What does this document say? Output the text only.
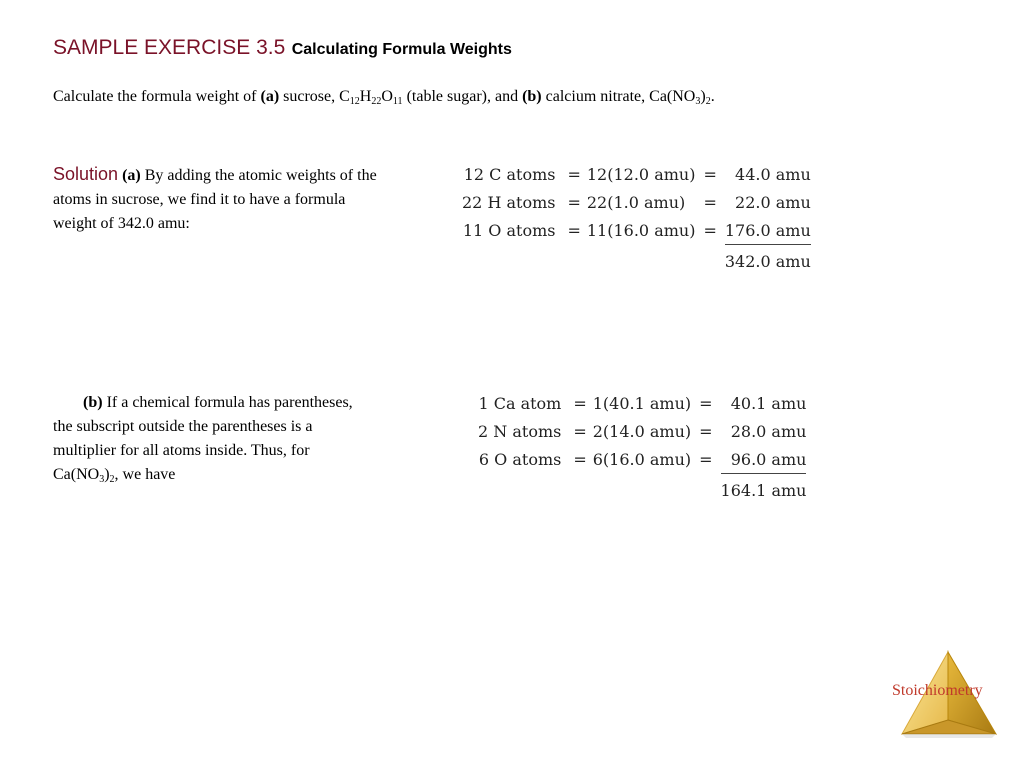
SAMPLE EXERCISE 3.5 Calculating Formula Weights
Calculate the formula weight of (a) sucrose, $C_{12}H_{22}O_{11}$ (table sugar), and (b) calcium nitrate, $Ca(NO_3)_2$.
Solution (a) By adding the atomic weights of the atoms in sucrose, we find it to have a formula weight of 342.0 amu:
12 C atoms	=	12(12.0 amu)	=	44.0 amu
22 H atoms	=	22(1.0 amu)	=	22.0 amu
11 O atoms	=	11(16.0 amu)	=	176.0 amu
				342.0 amu
(b) If a chemical formula has parentheses, the subscript outside the parentheses is a multiplier for all atoms inside. Thus, for $Ca(NO_3)_2$, we have
1 Ca atom	=	1(40.1 amu)	=	40.1 amu
2 N atoms	=	2(14.0 amu)	=	28.0 amu
6 O atoms	=	6(16.0 amu)	=	96.0 amu
				164.1 amu
Stoichiometry
